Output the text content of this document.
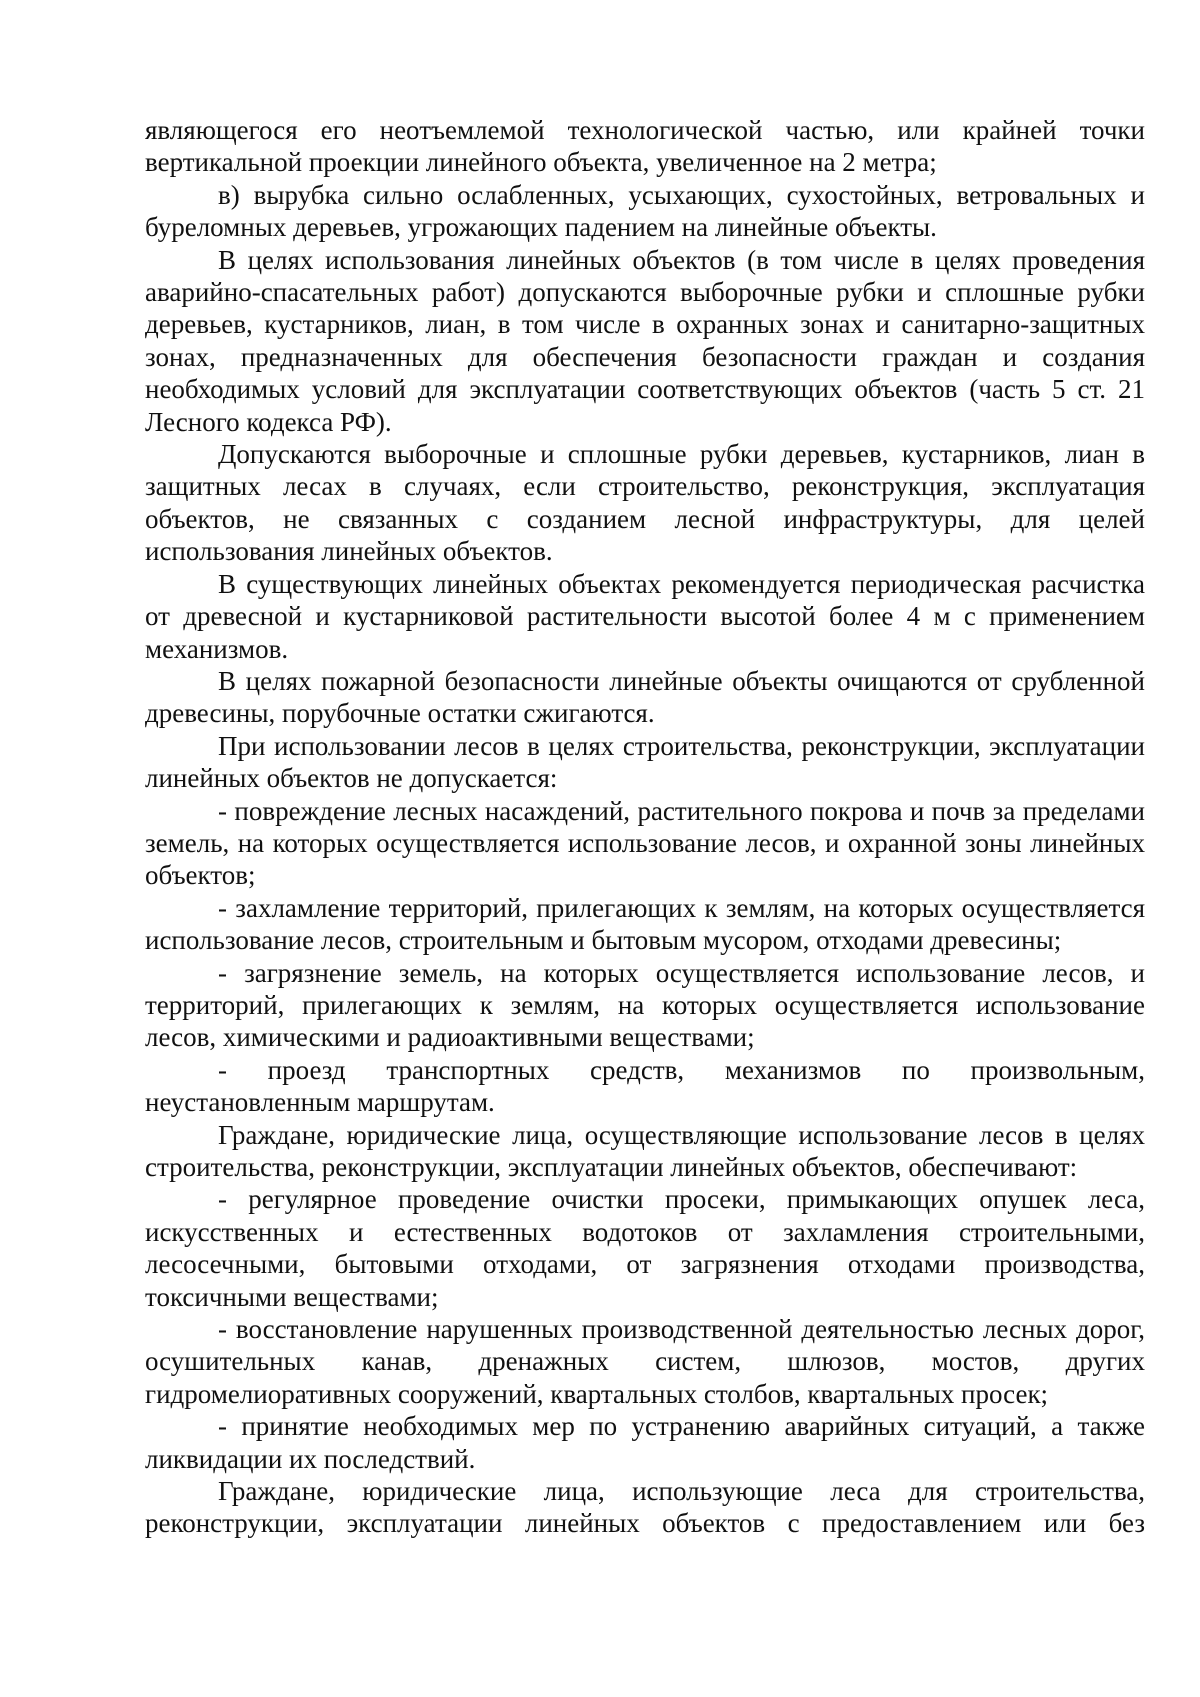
являющегося его неотъемлемой технологической частью, или крайней точки вертикальной проекции линейного объекта, увеличенное на 2 метра;

в) вырубка сильно ослабленных, усыхающих, сухостойных, ветровальных и буреломных деревьев, угрожающих падением на линейные объекты.

В целях использования линейных объектов (в том числе в целях проведения аварийно-спасательных работ) допускаются выборочные рубки и сплошные рубки деревьев, кустарников, лиан, в том числе в охранных зонах и санитарно-защитных зонах, предназначенных для обеспечения безопасности граждан и создания необходимых условий для эксплуатации соответствующих объектов (часть 5 ст. 21 Лесного кодекса РФ).

Допускаются выборочные и сплошные рубки деревьев, кустарников, лиан в защитных лесах в случаях, если строительство, реконструкция, эксплуатация объектов, не связанных с созданием лесной инфраструктуры, для целей использования линейных объектов.

В существующих линейных объектах рекомендуется периодическая расчистка от древесной и кустарниковой растительности высотой более 4 м с применением механизмов.

В целях пожарной безопасности линейные объекты очищаются от срубленной древесины, порубочные остатки сжигаются.

При использовании лесов в целях строительства, реконструкции, эксплуатации линейных объектов не допускается:

- повреждение лесных насаждений, растительного покрова и почв за пределами земель, на которых осуществляется использование лесов, и охранной зоны линейных объектов;

- захламление территорий, прилегающих к землям, на которых осуществляется использование лесов, строительным и бытовым мусором, отходами древесины;

- загрязнение земель, на которых осуществляется использование лесов, и территорий, прилегающих к землям, на которых осуществляется использование лесов, химическими и радиоактивными веществами;

- проезд транспортных средств, механизмов по произвольным, неустановленным маршрутам.

Граждане, юридические лица, осуществляющие использование лесов в целях строительства, реконструкции, эксплуатации линейных объектов, обеспечивают:

- регулярное проведение очистки просеки, примыкающих опушек леса, искусственных и естественных водотоков от захламления строительными, лесосечными, бытовыми отходами, от загрязнения отходами производства, токсичными веществами;

- восстановление нарушенных производственной деятельностью лесных дорог, осушительных канав, дренажных систем, шлюзов, мостов, других гидромелиоративных сооружений, квартальных столбов, квартальных просек;

- принятие необходимых мер по устранению аварийных ситуаций, а также ликвидации их последствий.

Граждане, юридические лица, использующие леса для строительства, реконструкции, эксплуатации линейных объектов с предоставлением или без
